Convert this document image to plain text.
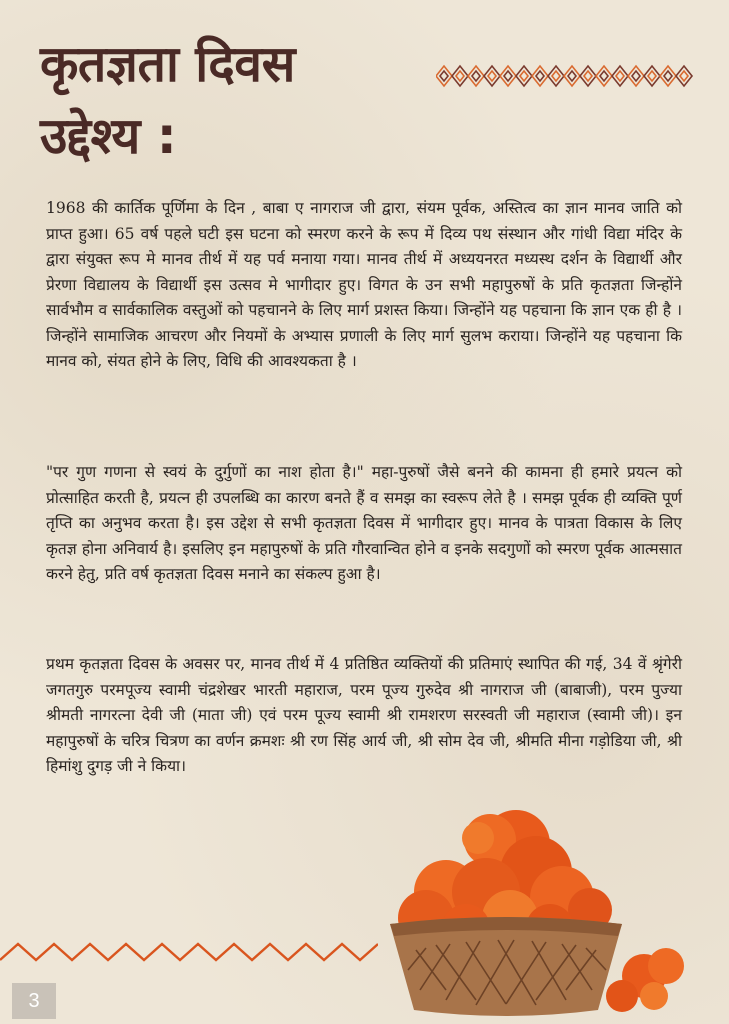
कृतज्ञता दिवस
उद्देश्य :

1968 की कार्तिक पूर्णिमा के दिन , बाबा ए नागराज जी द्वारा, संयम पूर्वक, अस्तित्व का ज्ञान मानव जाति को प्राप्त हुआ। 65 वर्ष पहले घटी इस घटना को स्मरण करने के रूप में दिव्य पथ संस्थान और गांधी विद्या मंदिर के द्वारा संयुक्त रूप मे मानव तीर्थ में यह पर्व मनाया गया। मानव तीर्थ में अध्ययनरत मध्यस्थ दर्शन के विद्यार्थी और प्रेरणा विद्यालय के विद्यार्थी इस उत्सव मे भागीदार हुए। विगत के उन सभी महापुरुषों के प्रति कृतज्ञता जिन्होंने सार्वभौम व सार्वकालिक वस्तुओं को पहचानने के लिए मार्ग प्रशस्त किया। जिन्होंने यह पहचाना कि ज्ञान एक ही है ।जिन्होंने सामाजिक आचरण और नियमों के अभ्यास प्रणाली के लिए मार्ग सुलभ कराया। जिन्होंने यह पहचाना कि मानव को, संयत होने के लिए, विधि की आवश्यकता है ।

"पर गुण गणना से स्वयं के दुर्गुणों का नाश होता है।" महा-पुरुषों जैसे बनने की कामना ही हमारे प्रयत्न को प्रोत्साहित करती है, प्रयत्न ही उपलब्धि का कारण बनते हैं व समझ का स्वरूप लेते है । समझ पूर्वक ही व्यक्ति पूर्ण तृप्ति का अनुभव करता है। इस उद्देश से सभी कृतज्ञता दिवस में भागीदार हुए। मानव के पात्रता विकास के लिए कृतज्ञ होना अनिवार्य है। इसलिए इन महापुरुषों के प्रति गौरवान्वित होने व इनके सदगुणों को स्मरण पूर्वक आत्मसात करने हेतु, प्रति वर्ष कृतज्ञता दिवस मनाने का संकल्प हुआ है।

प्रथम कृतज्ञता दिवस के अवसर पर, मानव तीर्थ में 4 प्रतिष्ठित व्यक्तियों की प्रतिमाएं स्थापित की गई, 34 वें श्रृंगेरी जगतगुरु परमपूज्य स्वामी चंद्रशेखर भारती महाराज, परम पूज्य गुरुदेव श्री नागराज जी (बाबाजी), परम पुज्या श्रीमती नागरत्ना देवी जी (माता जी) एवं परम पूज्य स्वामी श्री रामशरण सरस्वती जी महाराज (स्वामी जी)। इन महापुरुषों के चरित्र चित्रण का वर्णन क्रमशः श्री रण सिंह आर्य जी, श्री सोम देव जी, श्रीमति मीना गड़ोडिया जी, श्री हिमांशु दुगड़ जी ने किया।

3
